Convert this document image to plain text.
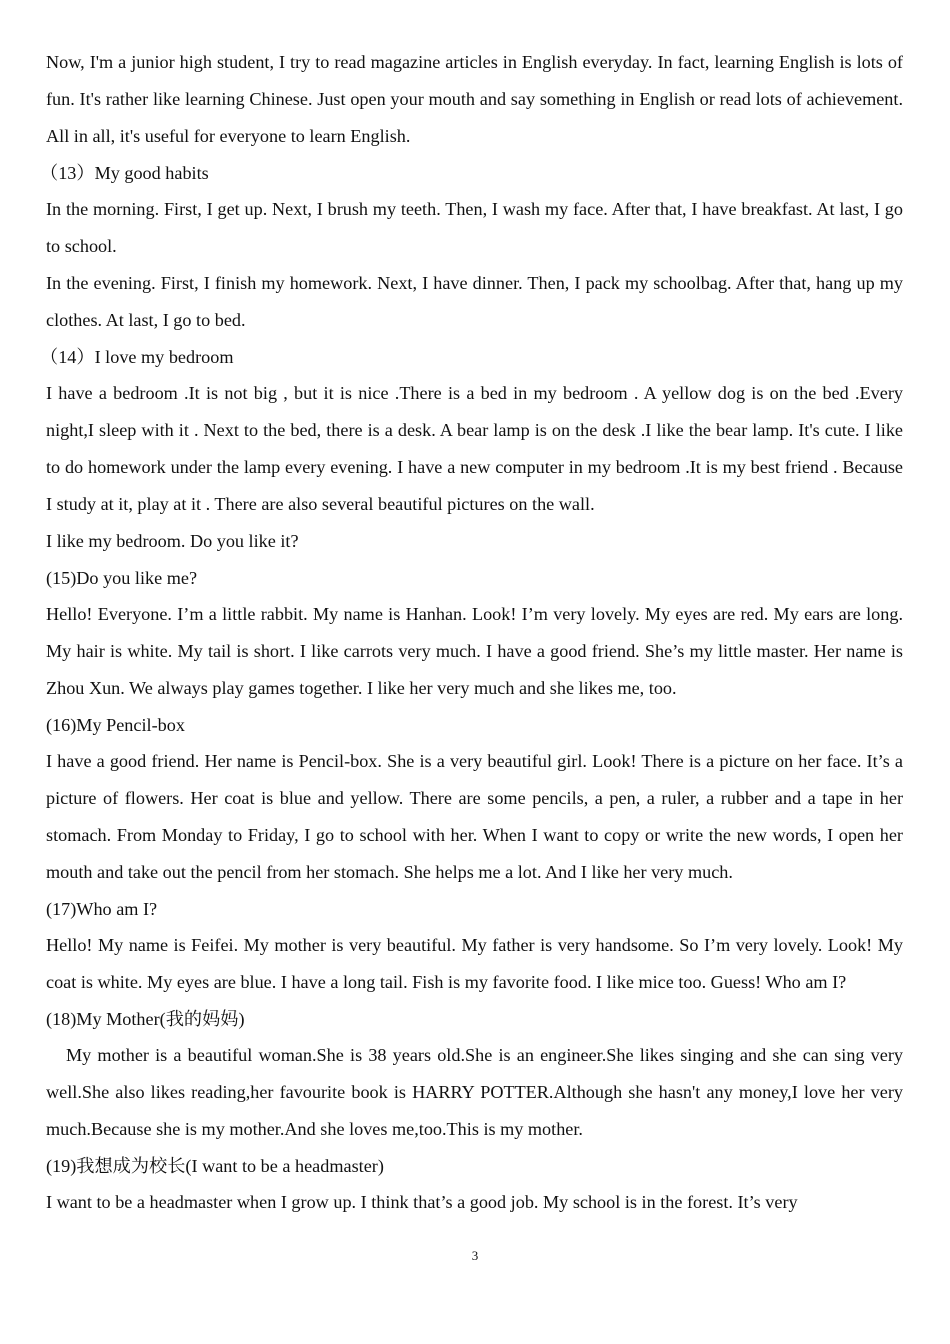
Now, I'm a junior high student, I try to read magazine articles in English everyday. In fact, learning English is lots of fun. It's rather like learning Chinese. Just open your mouth and say something in English or read lots of achievement. All in all, it's useful for everyone to learn English.

（13）My good habits

In the morning. First, I get up. Next, I brush my teeth. Then, I wash my face. After that, I have breakfast. At last, I go to school.

In the evening. First, I finish my homework. Next, I have dinner. Then, I pack my schoolbag. After that, hang up my clothes. At last, I go to bed.

（14）I love my bedroom

I have a bedroom .It is not big , but it is nice .There is a bed in my bedroom . A yellow dog is on the bed .Every night,I sleep with it . Next to the bed, there is a desk. A bear lamp is on the desk .I like the bear lamp. It's cute. I like to do homework under the lamp every evening. I have a new computer in my bedroom .It is my best friend . Because I study at it, play at it . There are also several beautiful pictures on the wall.

I like my bedroom. Do you like it?

(15)Do you like me?

Hello! Everyone. I’m a little rabbit. My name is Hanhan. Look! I’m very lovely. My eyes are red. My ears are long. My hair is white. My tail is short. I like carrots very much. I have a good friend. She’s my little master. Her name is Zhou Xun. We always play games together. I like her very much and she likes me, too.

(16)My Pencil-box

I have a good friend. Her name is Pencil-box. She is a very beautiful girl. Look! There is a picture on her face. It’s a picture of flowers. Her coat is blue and yellow. There are some pencils, a pen, a ruler, a rubber and a tape in her stomach. From Monday to Friday, I go to school with her. When I want to copy or write the new words, I open her mouth and take out the pencil from her stomach. She helps me a lot. And I like her very much.

(17)Who am I?

Hello! My name is Feifei. My mother is very beautiful. My father is very handsome. So I’m very lovely. Look! My coat is white. My eyes are blue. I have a long tail. Fish is my favorite food. I like mice too. Guess! Who am I?

(18)My Mother(我的妈妈)

My mother is a beautiful woman.She is 38 years old.She is an engineer.She likes singing and she can sing very well.She also likes reading,her favourite book is HARRY POTTER.Although she hasn't any money,I love her very much.Because she is my mother.And she loves me,too.This is my mother.

(19)我想成为校长(I want to be a headmaster)

I want to be a headmaster when I grow up. I think that’s a good job. My school is in the forest. It’s very

3
